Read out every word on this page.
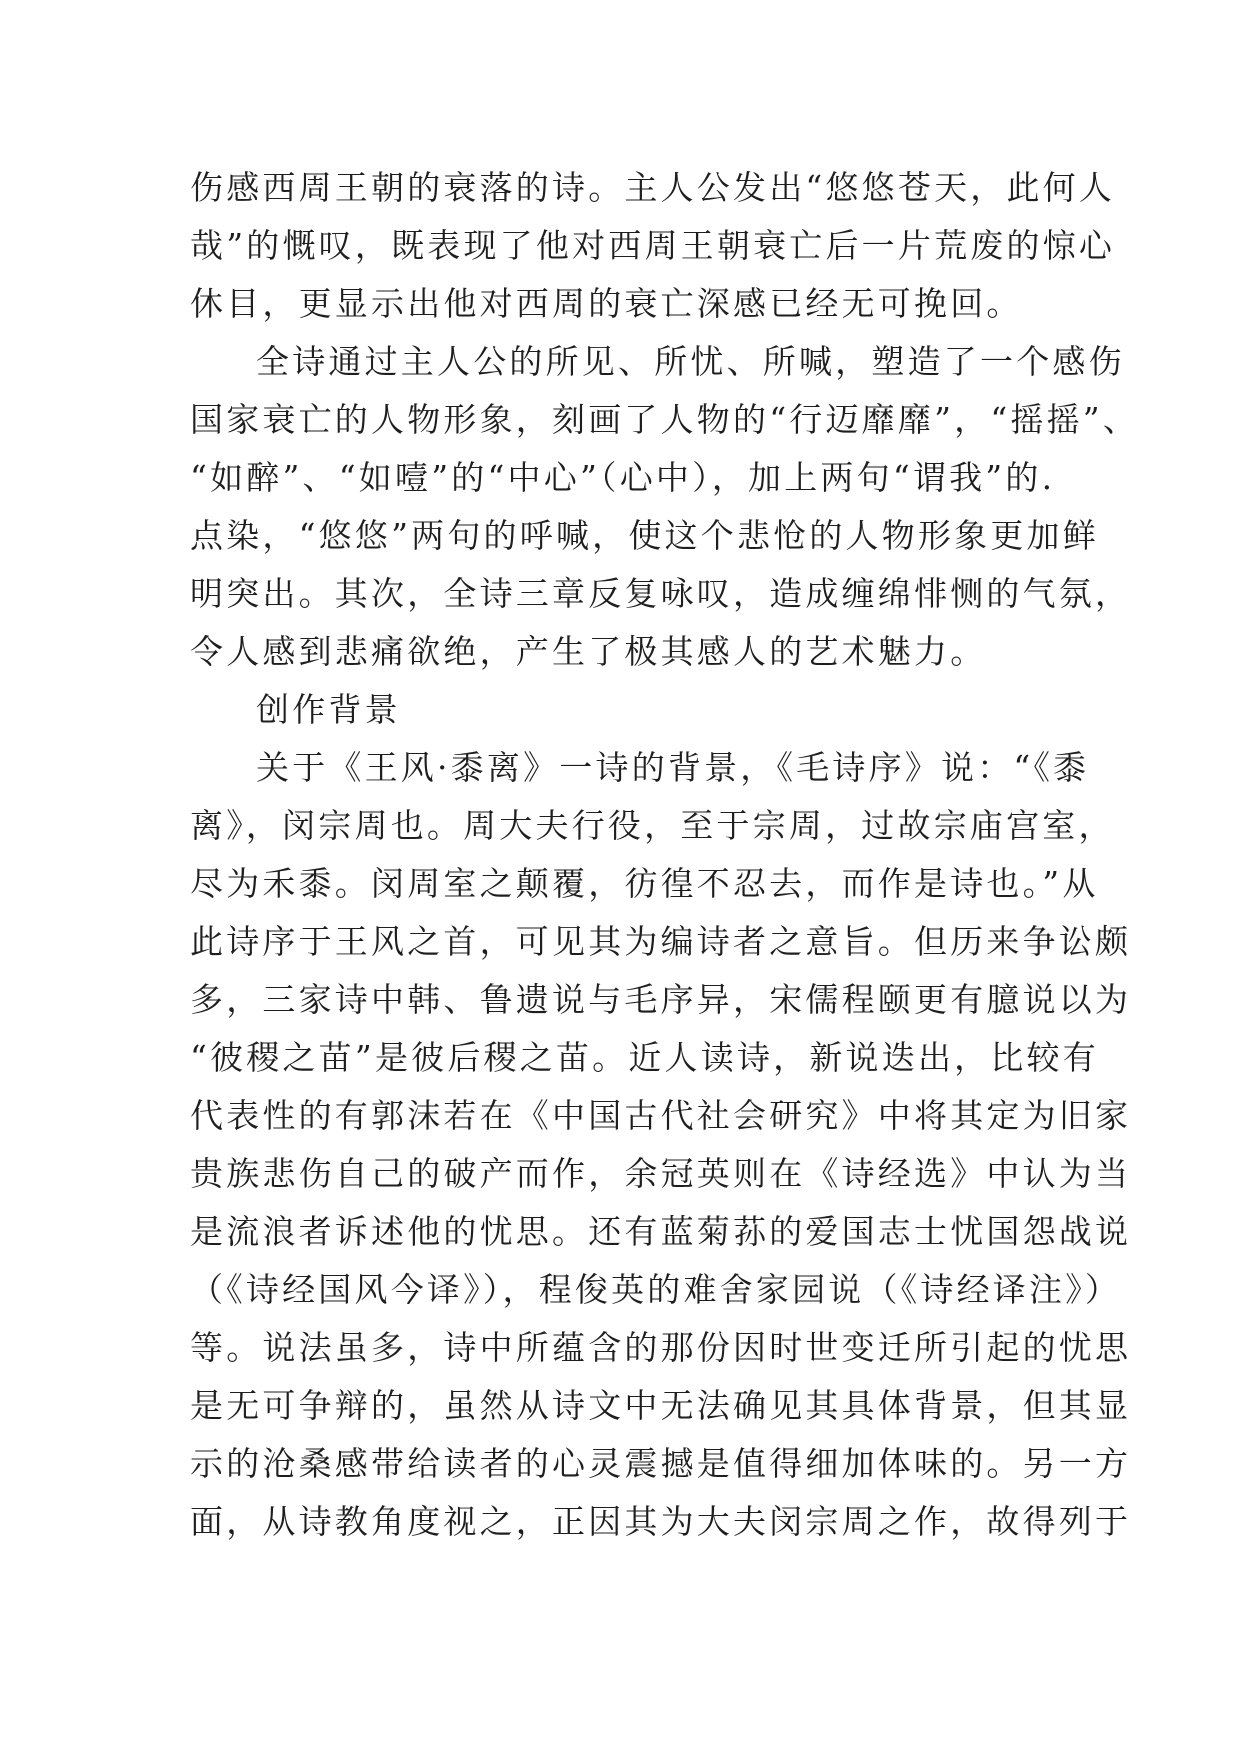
伤感西周王朝的衰落的诗。主人公发出“悠悠苍天，此何人
哉”的慨叹，既表现了他对西周王朝衰亡后一片荒废的惊心
休目，更显示出他对西周的衰亡深感已经无可挽回。
全诗通过主人公的所见、所忧、所喊，塑造了一个感伤
国家衰亡的人物形象，刻画了人物的“行迈靡靡”，“摇摇”、
“如醉”、“如噎”的“中心”（心中），加上两句“谓我”的.
点染，“悠悠”两句的呼喊，使这个悲怆的人物形象更加鲜
明突出。其次，全诗三章反复咏叹，造成缠绵悱恻的气氛，
令人感到悲痛欲绝，产生了极其感人的艺术魅力。
创作背景
关于《王风·黍离》一诗的背景，《毛诗序》说：“《黍
离》，闵宗周也。周大夫行役，至于宗周，过故宗庙宫室，
尽为禾黍。闵周室之颠覆，彷徨不忍去，而作是诗也。”从
此诗序于王风之首，可见其为编诗者之意旨。但历来争讼颇
多，三家诗中韩、鲁遗说与毛序异，宋儒程颐更有臆说以为
“彼稷之苗”是彼后稷之苗。近人读诗，新说迭出，比较有
代表性的有郭沫若在《中国古代社会研究》中将其定为旧家
贵族悲伤自己的破产而作，余冠英则在《诗经选》中认为当
是流浪者诉述他的忧思。还有蓝菊荪的爱国志士忧国怨战说
（《诗经国风今译》），程俊英的难舍家园说（《诗经译注》）
等。说法虽多，诗中所蕴含的那份因时世变迁所引起的忧思
是无可争辩的，虽然从诗文中无法确见其具体背景，但其显
示的沧桑感带给读者的心灵震撼是值得细加体味的。另一方
面，从诗教角度视之，正因其为大夫闵宗周之作，故得列于
